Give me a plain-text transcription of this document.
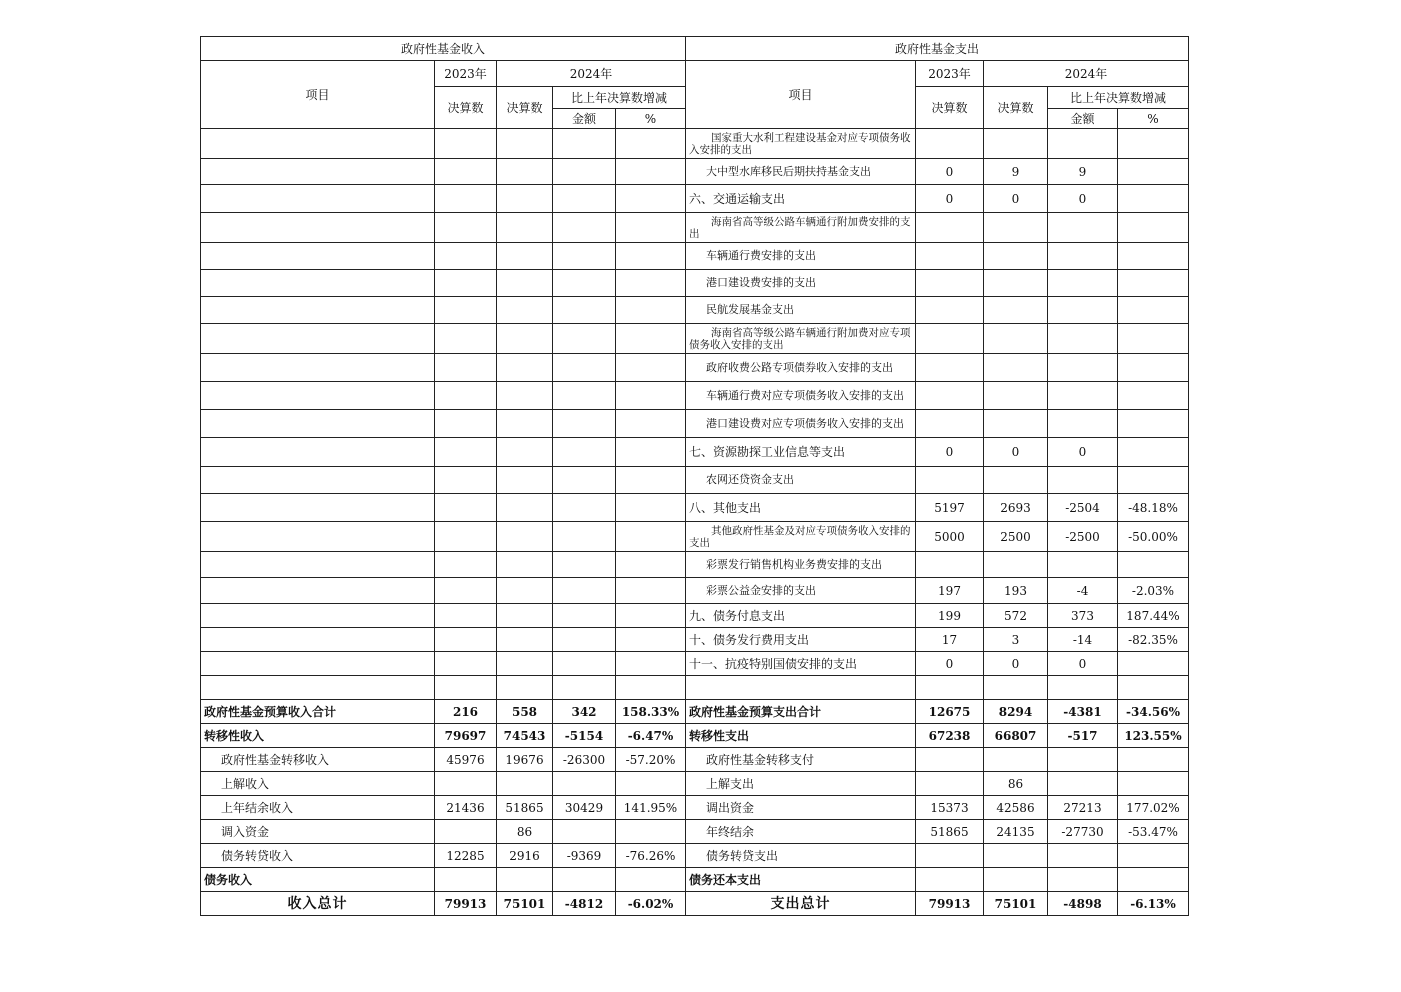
政府性基金收入					政府性基金支出				
项目	2023年	2024年			项目	2023年	2024年		
	决算数	决算数	比上年决算数增减			决算数	决算数	比上年决算数增减	
			金额	%				金额	%
					国家重大水利工程建设基金对应专项债务收入安排的支出				
					大中型水库移民后期扶持基金支出	0	9	9	
					六、交通运输支出	0	0	0	
					海南省高等级公路车辆通行附加费安排的支出				
					车辆通行费安排的支出				
					港口建设费安排的支出				
					民航发展基金支出				
					海南省高等级公路车辆通行附加费对应专项债务收入安排的支出				
					政府收费公路专项债券收入安排的支出				
					车辆通行费对应专项债务收入安排的支出				
					港口建设费对应专项债务收入安排的支出				
					七、资源勘探工业信息等支出	0	0	0	
					农网还贷资金支出				
					八、其他支出	5197	2693	-2504	-48.18%
					其他政府性基金及对应专项债务收入安排的支出	5000	2500	-2500	-50.00%
					彩票发行销售机构业务费安排的支出				
					彩票公益金安排的支出	197	193	-4	-2.03%
					九、债务付息支出	199	572	373	187.44%
					十、债务发行费用支出	17	3	-14	-82.35%
					十一、抗疫特别国债安排的支出	0	0	0	

政府性基金预算收入合计	216	558	342	158.33%	政府性基金预算支出合计	12675	8294	-4381	-34.56%
转移性收入	79697	74543	-5154	-6.47%	转移性支出	67238	66807	-517	123.55%
政府性基金转移收入	45976	19676	-26300	-57.20%	政府性基金转移支付				
上解收入					上解支出		86		
上年结余收入	21436	51865	30429	141.95%	调出资金	15373	42586	27213	177.02%
调入资金		86			年终结余	51865	24135	-27730	-53.47%
债务转贷收入	12285	2916	-9369	-76.26%	债务转贷支出				
债务收入					债务还本支出				
收入总计	79913	75101	-4812	-6.02%	支出总计	79913	75101	-4898	-6.13%
